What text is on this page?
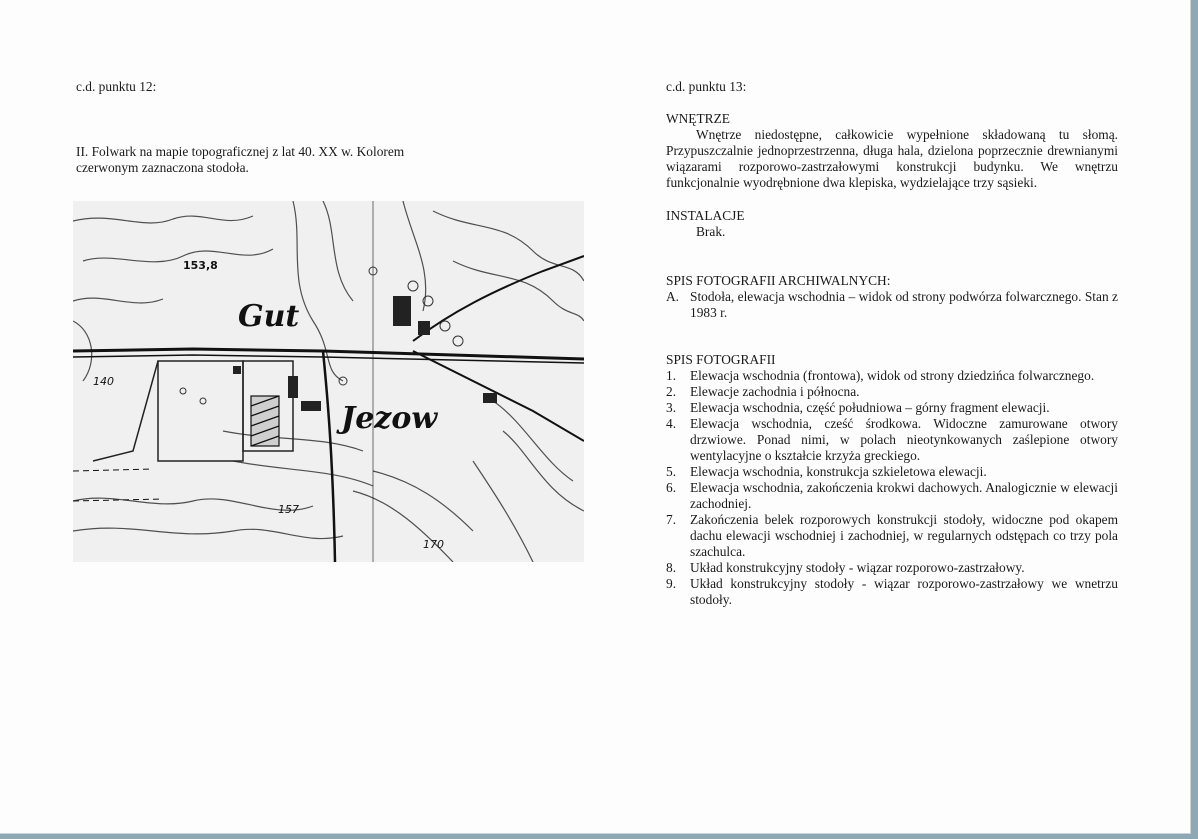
c.d. punktu 12:
II. Folwark na mapie topograficznej z lat 40. XX w. Kolorem czerwonym zaznaczona stodoła.
Gut
Jezow
153,8
140
157
170
c.d. punktu 13:
WNĘTRZE
Wnętrze niedostępne, całkowicie wypełnione składowaną tu słomą. Przypuszczalnie jednoprzestrzenna, długa hala, dzielona poprzecznie drewnianymi wiązarami rozporowo-zastrzałowymi konstrukcji budynku. We wnętrzu funkcjonalnie wyodrębnione dwa klepiska, wydzielające trzy sąsieki.
INSTALACJE
Brak.
SPIS FOTOGRAFII ARCHIWALNYCH:
A. Stodoła, elewacja wschodnia – widok od strony podwórza folwarcznego. Stan z 1983 r.
SPIS FOTOGRAFII
1. Elewacja wschodnia (frontowa), widok od strony dziedzińca folwarcznego.
2. Elewacje zachodnia i północna.
3. Elewacja wschodnia, część południowa – górny fragment elewacji.
4. Elewacja wschodnia, cześć środkowa. Widoczne zamurowane otwory drzwiowe. Ponad nimi, w polach nieotynkowanych zaślepione otwory wentylacyjne o kształcie krzyża greckiego.
5. Elewacja wschodnia, konstrukcja szkieletowa elewacji.
6. Elewacja wschodnia, zakończenia krokwi dachowych. Analogicznie w elewacji zachodniej.
7. Zakończenia belek rozporowych konstrukcji stodoły, widoczne pod okapem dachu elewacji wschodniej i zachodniej, w regularnych odstępach co trzy pola szachulca.
8. Układ konstrukcyjny stodoły - wiązar rozporowo-zastrzałowy.
9. Układ konstrukcyjny stodoły - wiązar rozporowo-zastrzałowy we wnetrzu stodoły.
